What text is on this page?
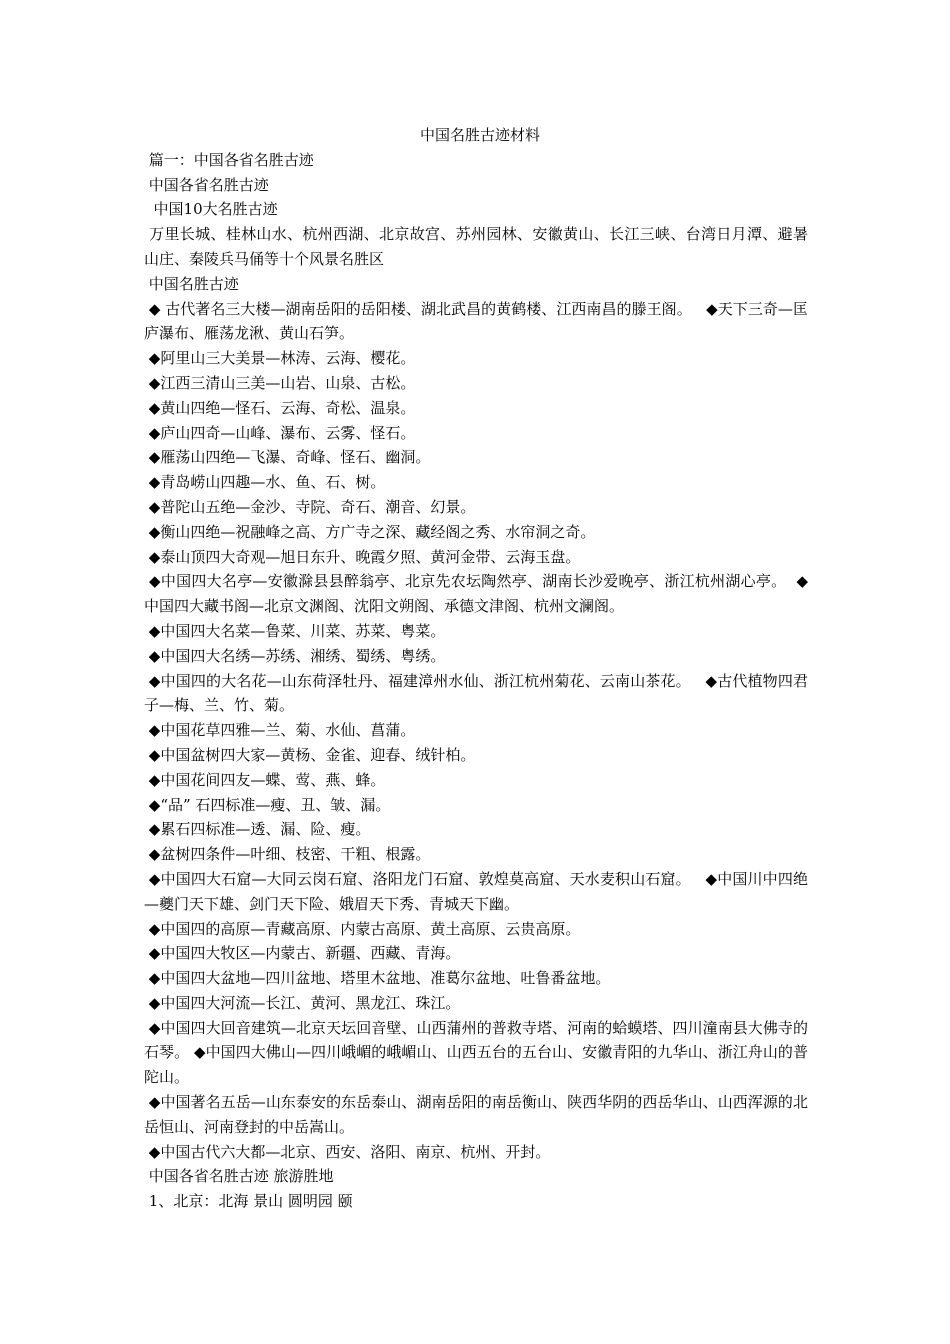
中国名胜古迹材料

篇一：中国各省名胜古迹

中国各省名胜古迹

中国10大名胜古迹

万里长城、桂林山水、杭州西湖、北京故宫、苏州园林、安徽黄山、长江三峡、台湾日月潭、避暑山庄、秦陵兵马俑等十个风景名胜区

中国名胜古迹

◆ 古代著名三大楼—湖南岳阳的岳阳楼、湖北武昌的黄鹤楼、江西南昌的滕王阁。   ◆天下三奇—匡庐瀑布、雁荡龙湫、黄山石笋。

◆阿里山三大美景—林涛、云海、樱花。

◆江西三清山三美—山岩、山泉、古松。

◆黄山四绝—怪石、云海、奇松、温泉。

◆庐山四奇—山峰、瀑布、云雾、怪石。

◆雁荡山四绝—飞瀑、奇峰、怪石、幽洞。

◆青岛崂山四趣—水、鱼、石、树。

◆普陀山五绝—金沙、寺院、奇石、潮音、幻景。

◆衡山四绝—祝融峰之高、方广寺之深、藏经阁之秀、水帘洞之奇。

◆泰山顶四大奇观—旭日东升、晚霞夕照、黄河金带、云海玉盘。

◆中国四大名亭—安徽滁县县醉翁亭、北京先农坛陶然亭、湖南长沙爱晚亭、浙江杭州湖心亭。  ◆中国四大藏书阁—北京文渊阁、沈阳文朔阁、承德文津阁、杭州文澜阁。

◆中国四大名菜—鲁菜、川菜、苏菜、粤菜。

◆中国四大名绣—苏绣、湘绣、蜀绣、粤绣。

◆中国四的大名花—山东荷泽牡丹、福建漳州水仙、浙江杭州菊花、云南山茶花。   ◆古代植物四君子—梅、兰、竹、菊。

◆中国花草四雅—兰、菊、水仙、菖蒲。

◆中国盆树四大家—黄杨、金雀、迎春、绒针柏。

◆中国花间四友—蝶、莺、燕、蜂。

◆“品” 石四标准—瘦、丑、皱、漏。

◆累石四标准—透、漏、险、瘦。

◆盆树四条件—叶细、枝密、干粗、根露。

◆中国四大石窟—大同云岗石窟、洛阳龙门石窟、敦煌莫高窟、天水麦积山石窟。   ◆中国川中四绝—夔门天下雄、剑门天下险、娥眉天下秀、青城天下幽。

◆中国四的高原—青藏高原、内蒙古高原、黄土高原、云贵高原。

◆中国四大牧区—内蒙古、新疆、西藏、青海。

◆中国四大盆地—四川盆地、塔里木盆地、准葛尔盆地、吐鲁番盆地。

◆中国四大河流—长江、黄河、黑龙江、珠江。

◆中国四大回音建筑—北京天坛回音壁、山西蒲州的普救寺塔、河南的蛤蟆塔、四川潼南县大佛寺的石琴。 ◆中国四大佛山—四川峨嵋的峨嵋山、山西五台的五台山、安徽青阳的九华山、浙江舟山的普陀山。

◆中国著名五岳—山东泰安的东岳泰山、湖南岳阳的南岳衡山、陕西华阴的西岳华山、山西浑源的北岳恒山、河南登封的中岳嵩山。

◆中国古代六大都—北京、西安、洛阳、南京、杭州、开封。

中国各省名胜古迹 旅游胜地

1、北京：北海 景山 圆明园 颐
